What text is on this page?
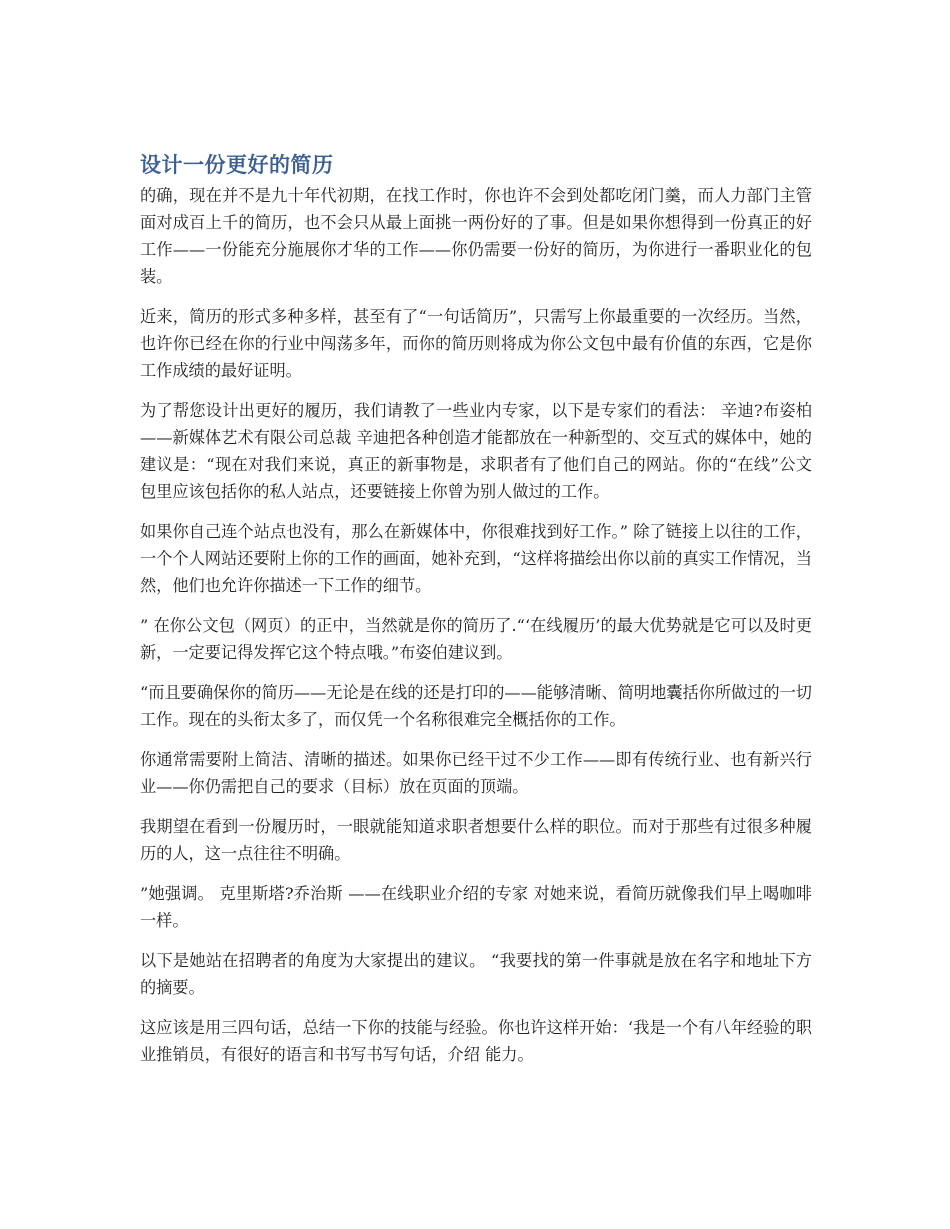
设计一份更好的简历

的确，现在并不是九十年代初期，在找工作时，你也许不会到处都吃闭门羹，而人力部门主管面对成百上千的简历，也不会只从最上面挑一两份好的了事。但是如果你想得到一份真正的好工作——一份能充分施展你才华的工作——你仍需要一份好的简历，为你进行一番职业化的包装。

近来，简历的形式多种多样，甚至有了“一句话简历”，只需写上你最重要的一次经历。当然，也许你已经在你的行业中闯荡多年，而你的简历则将成为你公文包中最有价值的东西，它是你工作成绩的最好证明。

为了帮您设计出更好的履历，我们请教了一些业内专家，以下是专家们的看法： 辛迪?布姿柏 ——新媒体艺术有限公司总裁 辛迪把各种创造才能都放在一种新型的、交互式的媒体中，她的建议是：“现在对我们来说，真正的新事物是，求职者有了他们自己的网站。你的“在线”公文包里应该包括你的私人站点，还要链接上你曾为别人做过的工作。

如果你自己连个站点也没有，那么在新媒体中，你很难找到好工作。” 除了链接上以往的工作，一个个人网站还要附上你的工作的画面，她补充到，“这样将描绘出你以前的真实工作情况，当然，他们也允许你描述一下工作的细节。

” 在你公文包（网页）的正中，当然就是你的简历了.“‘在线履历’的最大优势就是它可以及时更新，一定要记得发挥它这个特点哦。”布姿伯建议到。

“而且要确保你的简历——无论是在线的还是打印的——能够清晰、简明地囊括你所做过的一切工作。现在的头衔太多了，而仅凭一个名称很难完全概括你的工作。

你通常需要附上简洁、清晰的描述。如果你已经干过不少工作——即有传统行业、也有新兴行业——你仍需把自己的要求（目标）放在页面的顶端。

我期望在看到一份履历时，一眼就能知道求职者想要什么样的职位。而对于那些有过很多种履历的人，这一点往往不明确。

”她强调。 克里斯塔?乔治斯 ——在线职业介绍的专家 对她来说，看简历就像我们早上喝咖啡一样。

以下是她站在招聘者的角度为大家提出的建议。 “我要找的第一件事就是放在名字和地址下方的摘要。

这应该是用三四句话，总结一下你的技能与经验。你也许这样开始：‘我是一个有八年经验的职业推销员，有很好的语言和书写书写句话，介绍 能力。
